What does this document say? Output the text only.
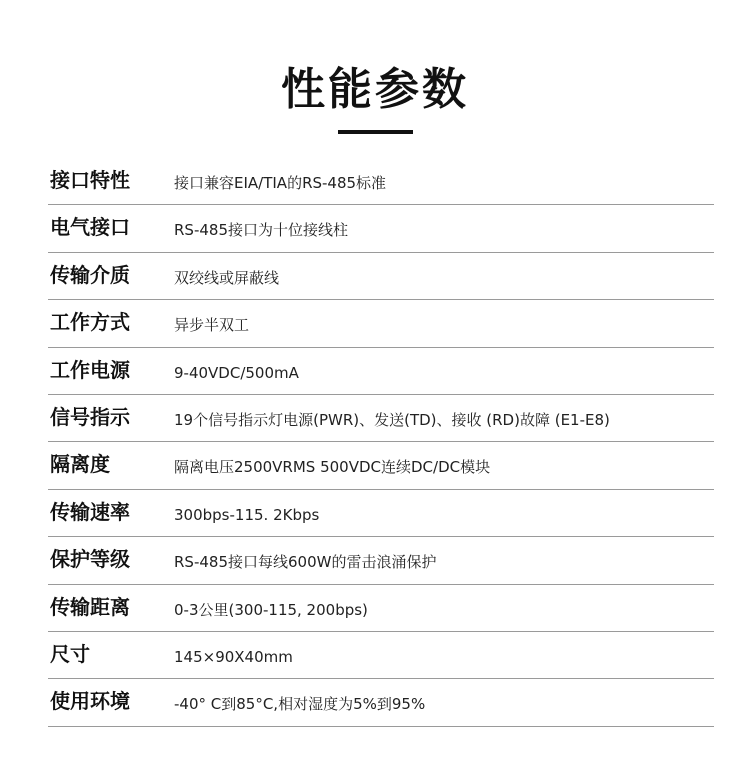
性能参数
接口特性	接口兼容EIA/TIA的RS-485标准
电气接口	RS-485接口为十位接线柱
传输介质	双绞线或屏蔽线
工作方式	异步半双工
工作电源	9-40VDC/500mA
信号指示	19个信号指示灯电源(PWR)、发送(TD)、接收 (RD)故障 (E1-E8)
隔离度	隔离电压2500VRMS 500VDC连续DC/DC模块
传输速率	300bps-115. 2Kbps
保护等级	RS-485接口每线600W的雷击浪涌保护
传输距离	0-3公里(300-115, 200bps)
尺寸	145×90X40mm
使用环境	-40° C到85°C,相对湿度为5%到95%
